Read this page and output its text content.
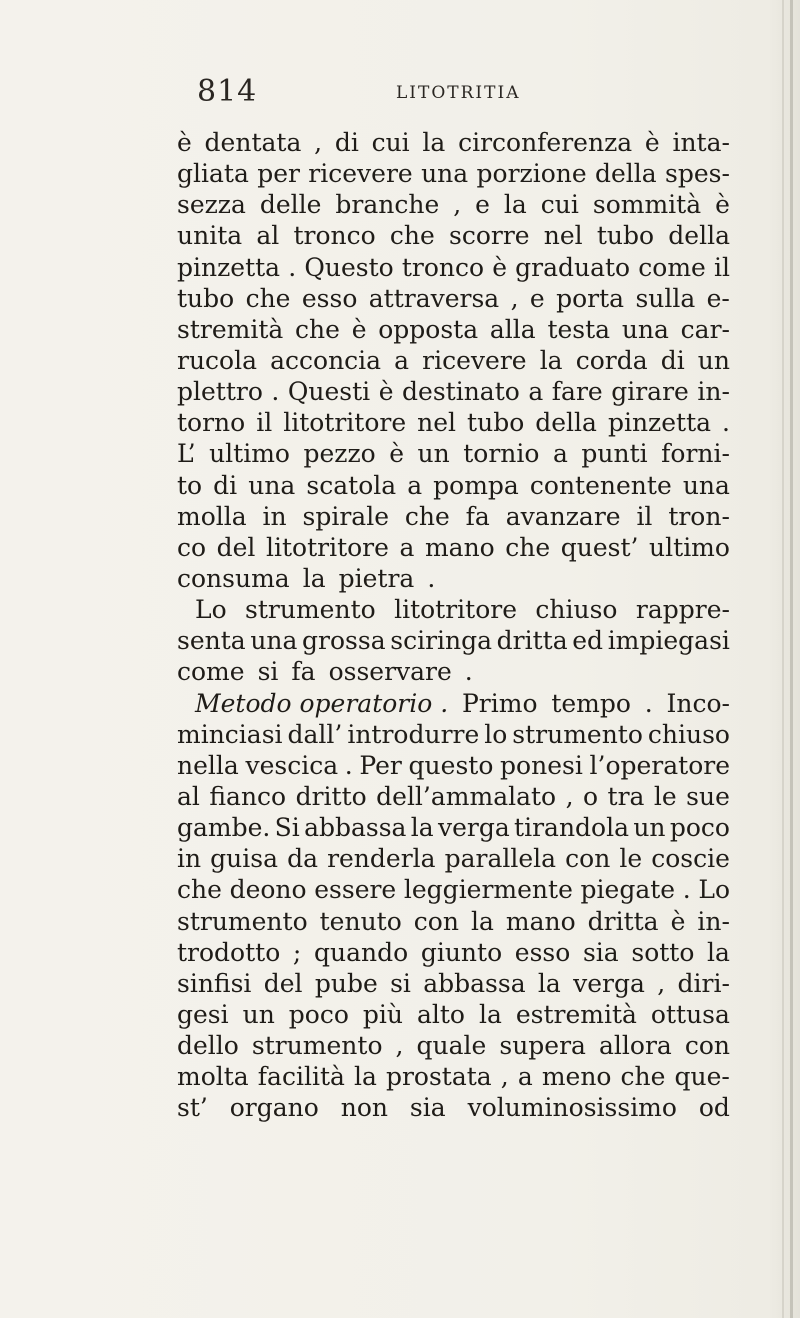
814	LITOTRITIA
è dentata , di cui la circonferenza è inta-
gliata per ricevere una porzione della spes-
sezza delle branche , e la cui sommità è
unita al tronco che scorre nel tubo della
pinzetta . Questo tronco è graduato come il
tubo che esso attraversa , e porta sulla e-
stremità che è opposta alla testa una car-
rucola acconcia a ricevere la corda di un
plettro . Questi è destinato a fare girare in-
torno il litotritore nel tubo della pinzetta .
L’ ultimo pezzo è un tornio a punti forni-
to di una scatola a pompa contenente una
molla in spirale che fa avanzare il tron-
co del litotritore a mano che quest’ ultimo
consuma la pietra .
Lo strumento litotritore chiuso rappre-
senta una grossa sciringa dritta ed impiegasi
come si fa osservare .
Metodo operatorio . Primo tempo . Inco-
minciasi dall’ introdurre lo strumento chiuso
nella vescica . Per questo ponesi l’operatore
al fianco dritto dell’ammalato , o tra le sue
gambe. Si abbassa la verga tirandola un poco
in guisa da renderla parallela con le coscie
che deono essere leggiermente piegate . Lo
strumento tenuto con la mano dritta è in-
trodotto ; quando giunto esso sia sotto la
sinfisi del pube si abbassa la verga , diri-
gesi un poco più alto la estremità ottusa
dello strumento , quale supera allora con
molta facilità la prostata , a meno che que-
st’ organo non sia voluminosissimo od
